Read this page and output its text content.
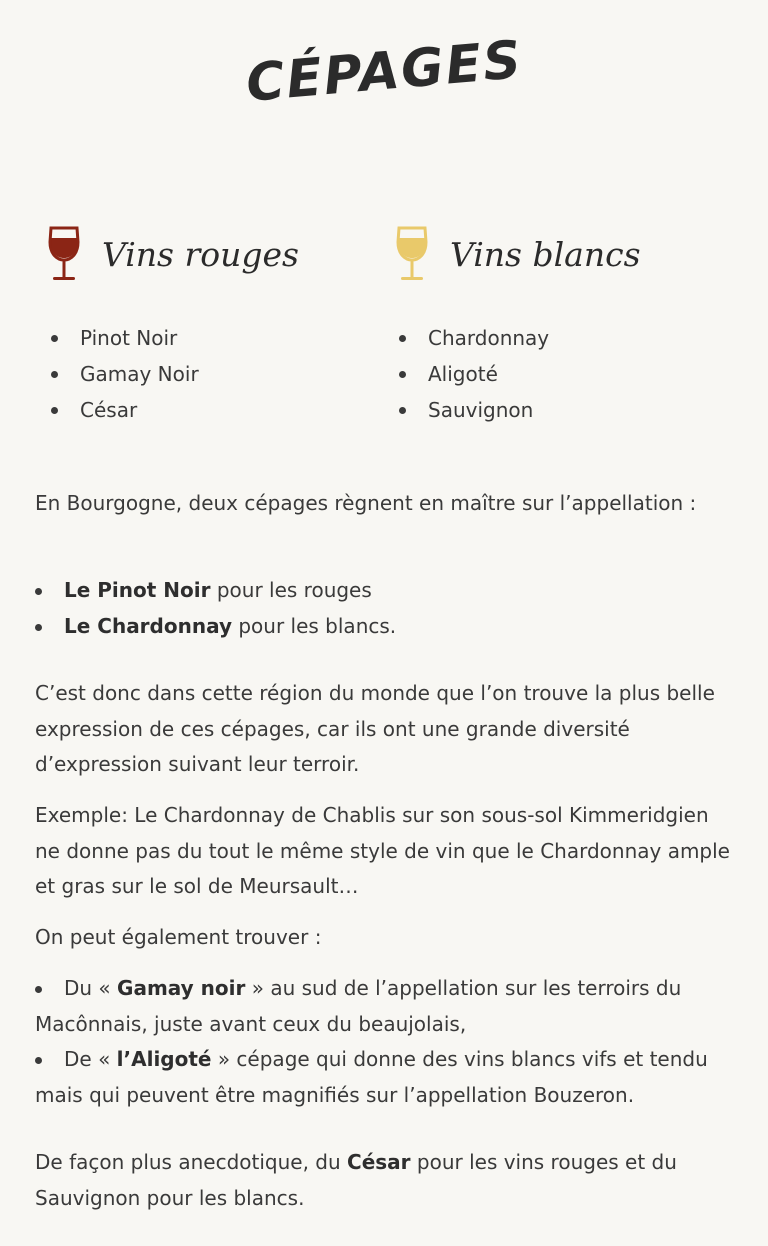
CÉPAGES
Vins rouges
Pinot Noir
Gamay Noir
César
Vins blancs
Chardonnay
Aligoté
Sauvignon

En Bourgogne, deux cépages règnent en maître sur l’appellation :

Le Pinot Noir pour les rouges
Le Chardonnay pour les blancs.

C’est donc dans cette région du monde que l’on trouve la plus belle expression de ces cépages, car ils ont une grande diversité d’expression suivant leur terroir.

Exemple: Le Chardonnay de Chablis sur son sous-sol Kimmeridgien ne donne pas du tout le même style de vin que le Chardonnay ample et gras sur le sol de Meursault…

On peut également trouver :

Du « Gamay noir » au sud de l’appellation sur les terroirs du Macônnais, juste avant ceux du beaujolais,
De « l’Aligoté » cépage qui donne des vins blancs vifs et tendu mais qui peuvent être magnifiés sur l’appellation Bouzeron.

De façon plus anecdotique, du César pour les vins rouges et du Sauvignon pour les blancs.
